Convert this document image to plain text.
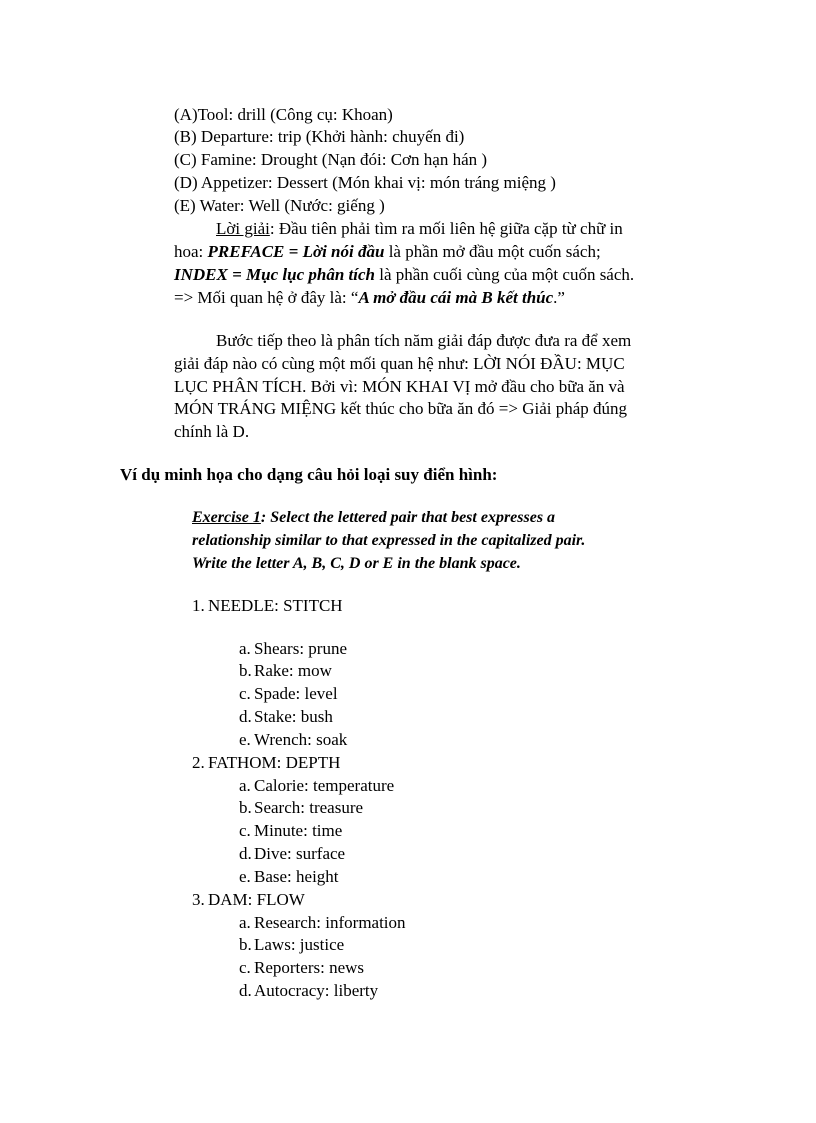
(A)Tool: drill (Công cụ: Khoan)
(B) Departure: trip (Khởi hành: chuyến đi)
(C) Famine: Drought (Nạn đói: Cơn hạn hán )
(D) Appetizer: Dessert (Món khai vị: món tráng miệng )
(E) Water: Well (Nước: giếng )
Lời giải: Đầu tiên phải tìm ra mối liên hệ giữa cặp từ chữ in
hoa: PREFACE = Lời nói đầu là phần mở đầu một cuốn sách;
INDEX = Mục lục phân tích là phần cuối cùng của một cuốn sách.
=> Mối quan hệ ở đây là: “A mở đầu cái mà B kết thúc.”
Bước tiếp theo là phân tích năm giải đáp được đưa ra để xem
giải đáp nào có cùng một mối quan hệ như: LỜI NÓI ĐẦU: MỤC
LỤC PHÂN TÍCH. Bởi vì: MÓN KHAI VỊ mở đầu cho bữa ăn và
MÓN TRÁNG MIỆNG kết thúc cho bữa ăn đó => Giải pháp đúng
chính là D.
Ví dụ minh họa cho dạng câu hỏi loại suy điển hình:
Exercise 1: Select the lettered pair that best expresses a
relationship similar to that expressed in the capitalized pair.
Write the letter A, B, C, D or E in the blank space.
1. NEEDLE: STITCH
a. Shears: prune
b. Rake: mow
c. Spade: level
d. Stake: bush
e. Wrench: soak
2. FATHOM: DEPTH
a. Calorie: temperature
b. Search: treasure
c. Minute: time
d. Dive: surface
e. Base: height
3. DAM: FLOW
a. Research: information
b. Laws: justice
c. Reporters: news
d. Autocracy: liberty
